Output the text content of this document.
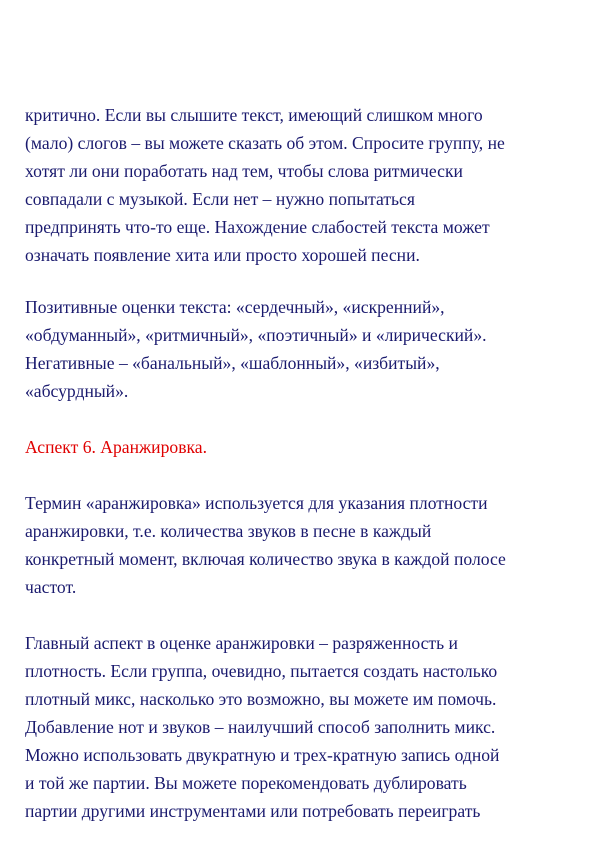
критично. Если вы слышите текст, имеющий слишком много
(мало) слогов – вы можете сказать об этом. Спросите группу, не
хотят ли они поработать над тем, чтобы слова ритмически
совпадали с музыкой. Если нет – нужно попытаться
предпринять что-то еще. Нахождение слабостей текста может
означать появление хита или просто хорошей песни.

Позитивные оценки текста: «сердечный», «искренний»,
«обдуманный», «ритмичный», «поэтичный» и «лирический».
Негативные – «банальный», «шаблонный», «избитый»,
«абсурдный».

Аспект 6. Аранжировка.

Термин «аранжировка» используется для указания плотности
аранжировки, т.е. количества звуков в песне в каждый
конкретный момент, включая количество звука в каждой полосе
частот.

Главный аспект в оценке аранжировки – разряженность и
плотность. Если группа, очевидно, пытается создать настолько
плотный микс, насколько это возможно, вы можете им помочь.
Добавление нот и звуков – наилучший способ заполнить микс.
Можно использовать двукратную и трех-кратную запись одной
и той же партии. Вы можете порекомендовать дублировать
партии другими инструментами или потребовать переиграть
